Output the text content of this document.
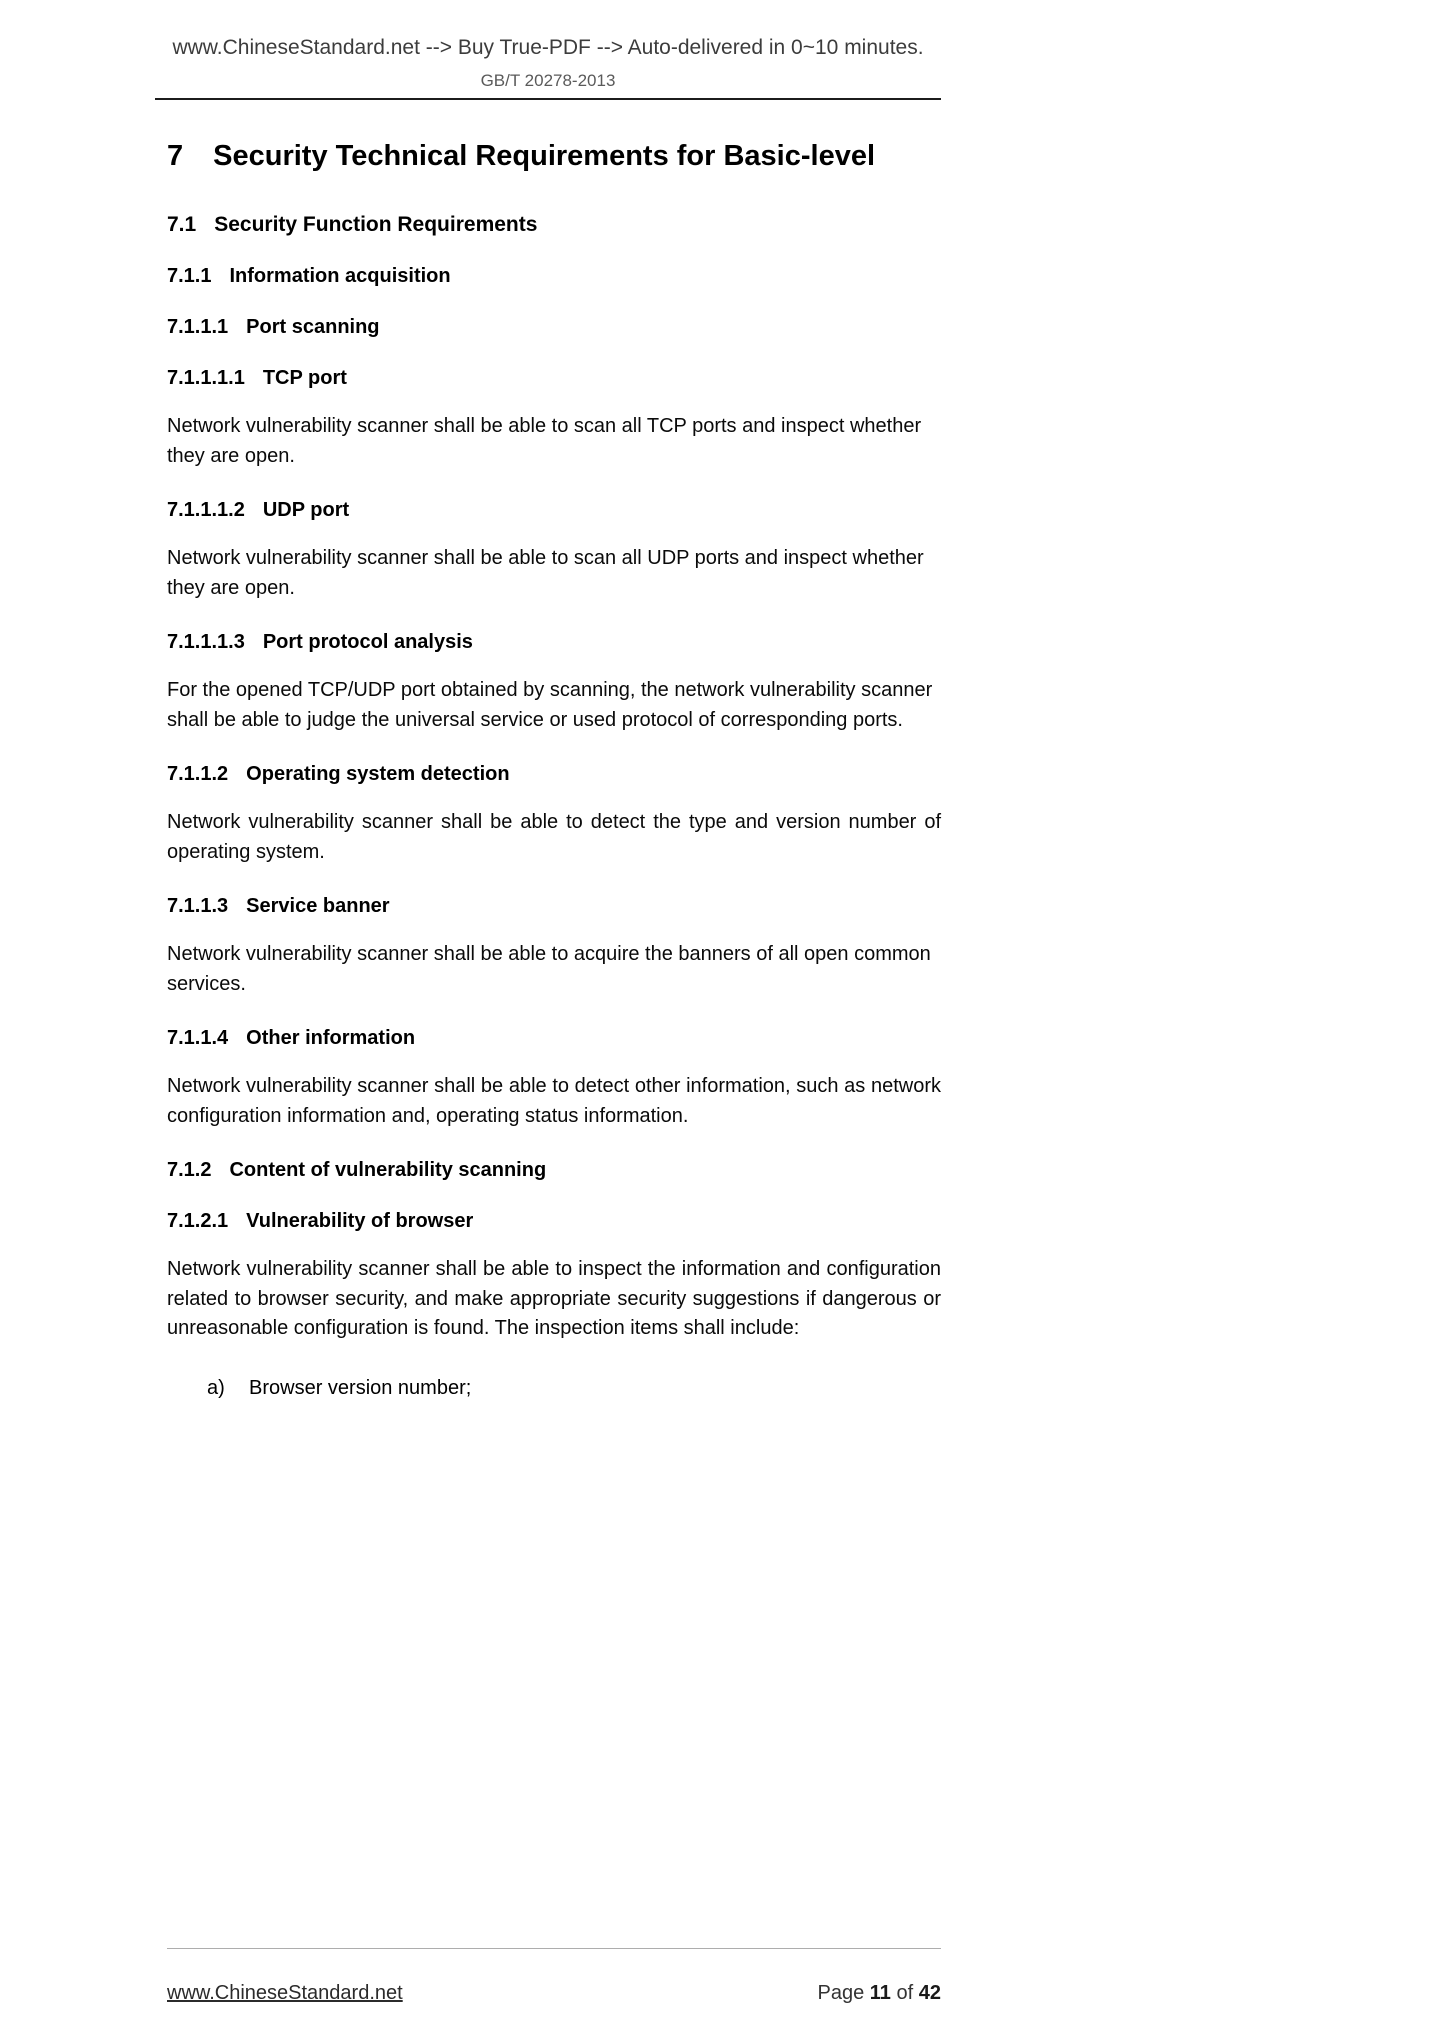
www.ChineseStandard.net --> Buy True-PDF --> Auto-delivered in 0~10 minutes.
GB/T 20278-2013
7 Security Technical Requirements for Basic-level
7.1 Security Function Requirements
7.1.1 Information acquisition
7.1.1.1 Port scanning
7.1.1.1.1 TCP port

Network vulnerability scanner shall be able to scan all TCP ports and inspect whether they are open.

7.1.1.1.2 UDP port

Network vulnerability scanner shall be able to scan all UDP ports and inspect whether they are open.

7.1.1.1.3 Port protocol analysis

For the opened TCP/UDP port obtained by scanning, the network vulnerability scanner shall be able to judge the universal service or used protocol of corresponding ports.

7.1.1.2 Operating system detection

Network vulnerability scanner shall be able to detect the type and version number of operating system.

7.1.1.3 Service banner

Network vulnerability scanner shall be able to acquire the banners of all open common services.

7.1.1.4 Other information

Network vulnerability scanner shall be able to detect other information, such as network configuration information and, operating status information.

7.1.2 Content of vulnerability scanning
7.1.2.1 Vulnerability of browser

Network vulnerability scanner shall be able to inspect the information and configuration related to browser security, and make appropriate security suggestions if dangerous or unreasonable configuration is found. The inspection items shall include:

a)	Browser version number;
www.ChineseStandard.net	Page 11 of 42
